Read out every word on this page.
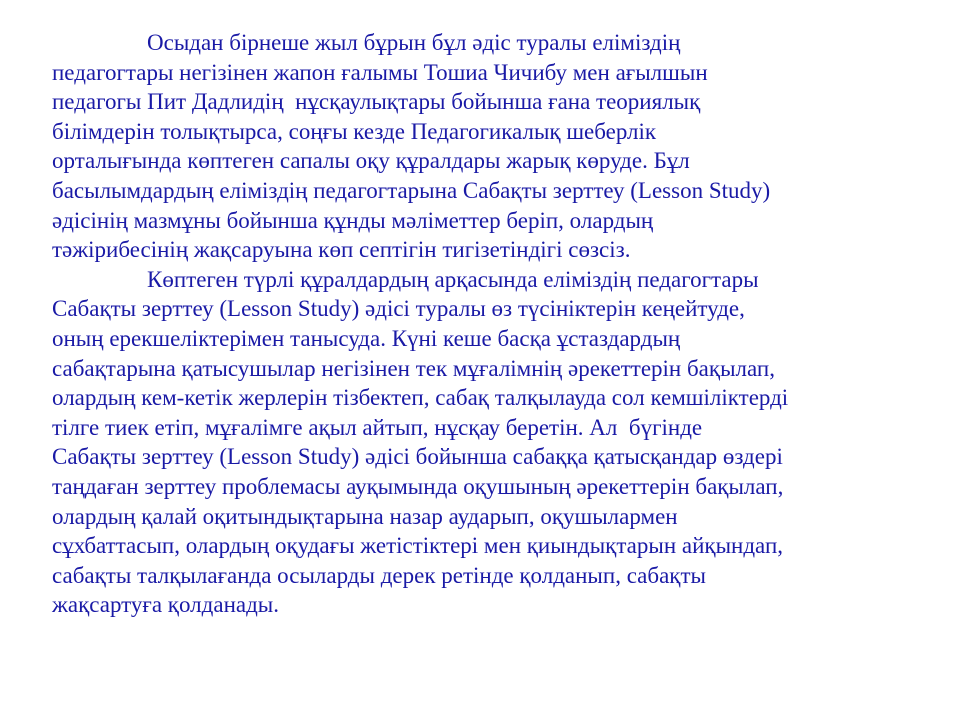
Осыдан бірнеше жыл бұрын бұл әдіс туралы еліміздің
педагогтары негізінен жапон ғалымы Тошиа Чичибу мен ағылшын
педагогы Пит Дадлидің  нұсқаулықтары бойынша ғана теориялық
білімдерін толықтырса, соңғы кезде Педагогикалық шеберлік
орталығында көптеген сапалы оқу құралдары жарық көруде. Бұл
басылымдардың еліміздің педагогтарына Сабақты зерттеу (Lesson Study)
әдісінің мазмұны бойынша құнды мәліметтер беріп, олардың
тәжірибесінің жақсаруына көп септігін тигізетіндігі сөзсіз.
Көптеген түрлі құралдардың арқасында еліміздің педагогтары
Сабақты зерттеу (Lesson Study) әдісі туралы өз түсініктерін кеңейтуде,
оның ерекшеліктерімен танысуда. Күні кеше басқа ұстаздардың
сабақтарына қатысушылар негізінен тек мұғалімнің әрекеттерін бақылап,
олардың кем-кетік жерлерін тізбектеп, сабақ талқылауда сол кемшіліктерді
тілге тиек етіп, мұғалімге ақыл айтып, нұсқау беретін. Ал  бүгінде
Сабақты зерттеу (Lesson Study) әдісі бойынша сабаққа қатысқандар өздері
таңдаған зерттеу проблемасы ауқымында оқушының әрекеттерін бақылап,
олардың қалай оқитындықтарына назар аударып, оқушылармен
сұхбаттасып, олардың оқудағы жетістіктері мен қиындықтарын айқындап,
сабақты талқылағанда осыларды дерек ретінде қолданып, сабақты
жақсартуға қолданады.
